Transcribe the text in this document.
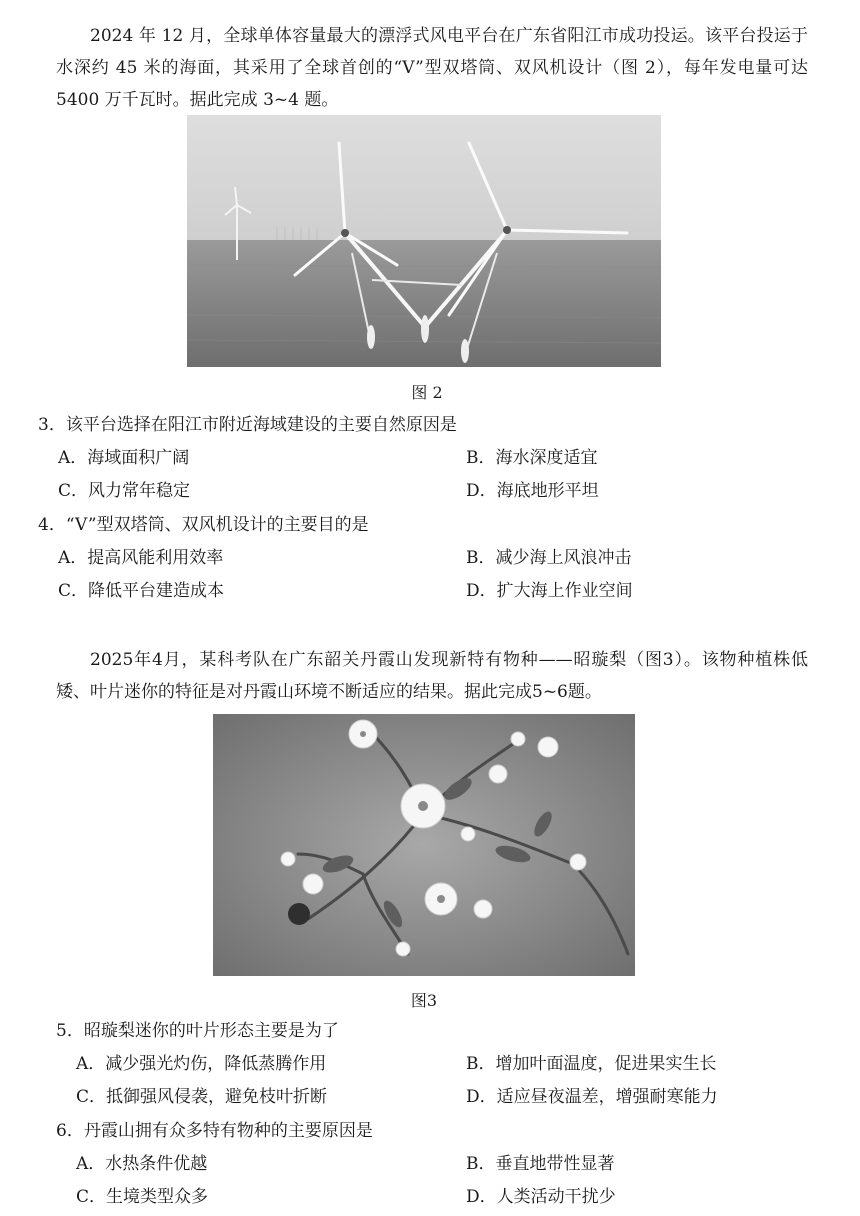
2024 年 12 月，全球单体容量最大的漂浮式风电平台在广东省阳江市成功投运。该平台投运于水深约 45 米的海面，其采用了全球首创的“V”型双塔筒、双风机设计（图 2），每年发电量可达 5400 万千瓦时。据此完成 3~4 题。

图 2
3．该平台选择在阳江市附近海域建设的主要自然原因是
A．海域面积广阔	B．海水深度适宜
C．风力常年稳定	D．海底地形平坦
4．“V”型双塔筒、双风机设计的主要目的是
A．提高风能利用效率	B．减少海上风浪冲击
C．降低平台建造成本	D．扩大海上作业空间

2025年4月，某科考队在广东韶关丹霞山发现新特有物种——昭璇梨（图3）。该物种植株低矮、叶片迷你的特征是对丹霞山环境不断适应的结果。据此完成5~6题。

图3
5．昭璇梨迷你的叶片形态主要是为了
A．减少强光灼伤，降低蒸腾作用	B．增加叶面温度，促进果实生长
C．抵御强风侵袭，避免枝叶折断	D．适应昼夜温差，增强耐寒能力
6．丹霞山拥有众多特有物种的主要原因是
A．水热条件优越	B．垂直地带性显著
C．生境类型众多	D．人类活动干扰少
